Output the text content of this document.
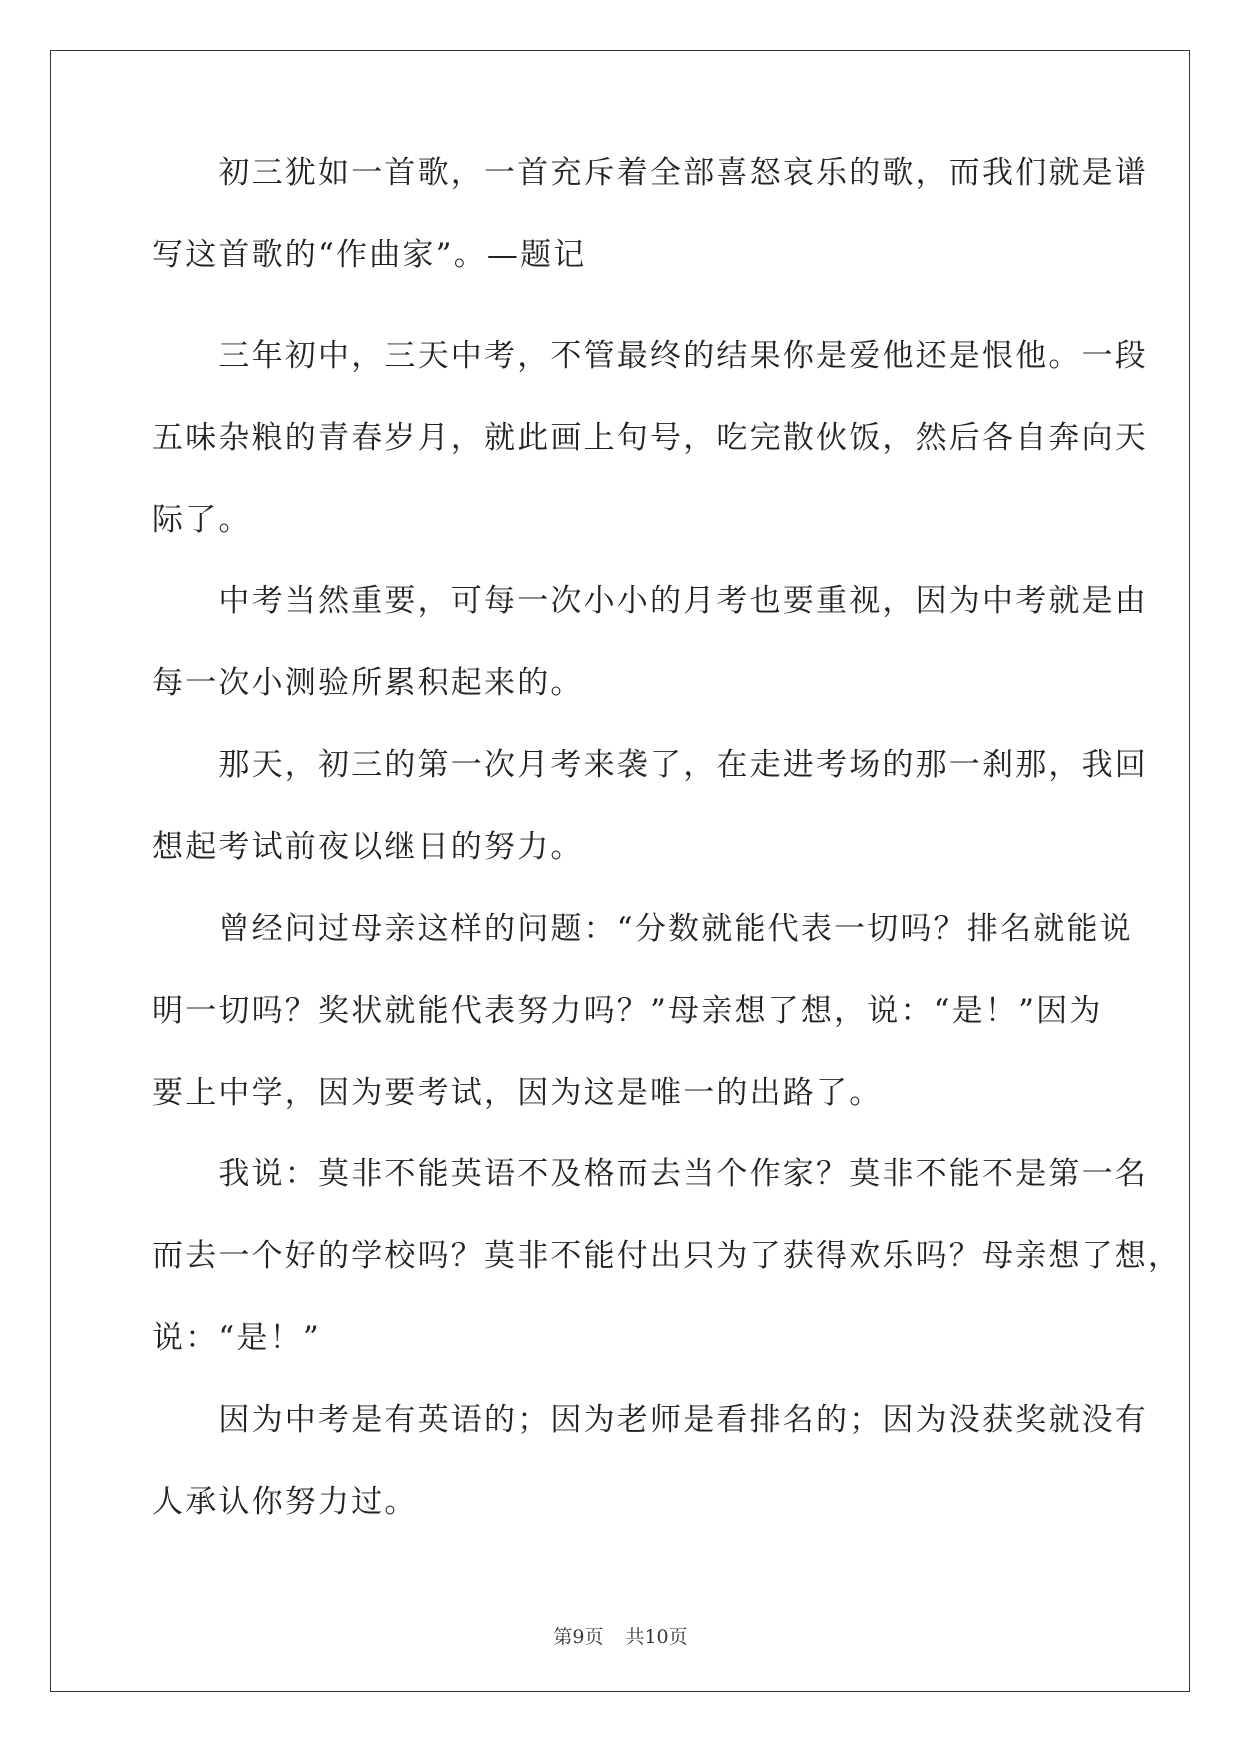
　　初三犹如一首歌，一首充斥着全部喜怒哀乐的歌，而我们就是谱
写这首歌的“作曲家”。—题记
　　三年初中，三天中考，不管最终的结果你是爱他还是恨他。一段
五味杂粮的青春岁月，就此画上句号，吃完散伙饭，然后各自奔向天
际了。
　　中考当然重要，可每一次小小的月考也要重视，因为中考就是由
每一次小测验所累积起来的。
　　那天，初三的第一次月考来袭了，在走进考场的那一刹那，我回
想起考试前夜以继日的努力。
　　曾经问过母亲这样的问题：“分数就能代表一切吗？排名就能说
明一切吗？奖状就能代表努力吗？”母亲想了想，说：“是！”因为
要上中学，因为要考试，因为这是唯一的出路了。
　　我说：莫非不能英语不及格而去当个作家？莫非不能不是第一名
而去一个好的学校吗？莫非不能付出只为了获得欢乐吗？母亲想了想，
说：“是！”
　　因为中考是有英语的；因为老师是看排名的；因为没获奖就没有
人承认你努力过。
第9页 共10页
